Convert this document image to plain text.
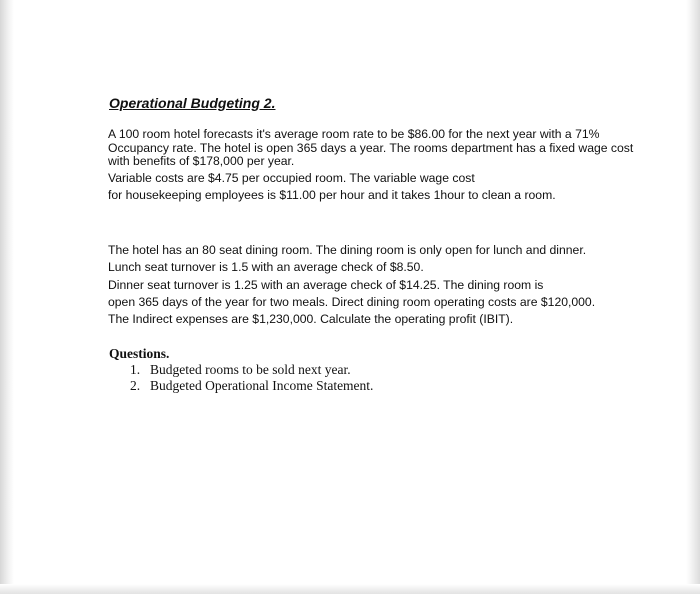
Operational Budgeting 2.
A 100 room hotel forecasts it's average room rate to be $86.00 for the next year with a 71%
Occupancy rate. The hotel is open 365 days a year. The rooms department has a fixed wage cost
with benefits of $178,000 per year.
Variable costs are $4.75 per occupied room. The variable wage cost
for housekeeping employees is $11.00 per hour and it takes 1hour to clean a room.
The hotel has an 80 seat dining room. The dining room is only open for lunch and dinner.
Lunch seat turnover is 1.5 with an average check of $8.50.
Dinner seat turnover is 1.25 with an average check of $14.25. The dining room is
open 365 days of the year for two meals. Direct dining room operating costs are $120,000.
The Indirect expenses are $1,230,000. Calculate the operating profit (IBIT).
Questions.
1. Budgeted rooms to be sold next year.
2. Budgeted Operational Income Statement.
